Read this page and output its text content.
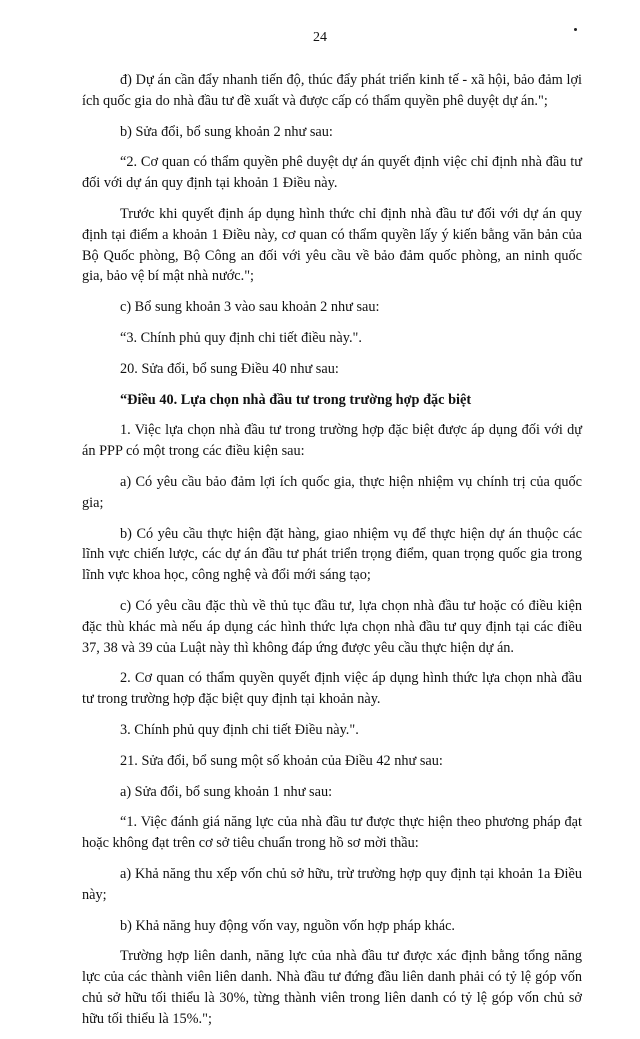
24

đ) Dự án cần đẩy nhanh tiến độ, thúc đẩy phát triển kinh tế - xã hội, bảo đảm lợi ích quốc gia do nhà đầu tư đề xuất và được cấp có thẩm quyền phê duyệt dự án.";

b) Sửa đổi, bổ sung khoản 2 như sau:

“2. Cơ quan có thẩm quyền phê duyệt dự án quyết định việc chỉ định nhà đầu tư đối với dự án quy định tại khoản 1 Điều này.

Trước khi quyết định áp dụng hình thức chỉ định nhà đầu tư đối với dự án quy định tại điểm a khoản 1 Điều này, cơ quan có thẩm quyền lấy ý kiến bằng văn bản của Bộ Quốc phòng, Bộ Công an đối với yêu cầu về bảo đảm quốc phòng, an ninh quốc gia, bảo vệ bí mật nhà nước.";

c) Bổ sung khoản 3 vào sau khoản 2 như sau:

“3. Chính phủ quy định chi tiết điều này.".

20. Sửa đổi, bổ sung Điều 40 như sau:

“Điều 40. Lựa chọn nhà đầu tư trong trường hợp đặc biệt

1. Việc lựa chọn nhà đầu tư trong trường hợp đặc biệt được áp dụng đối với dự án PPP có một trong các điều kiện sau:

a) Có yêu cầu bảo đảm lợi ích quốc gia, thực hiện nhiệm vụ chính trị của quốc gia;

b) Có yêu cầu thực hiện đặt hàng, giao nhiệm vụ để thực hiện dự án thuộc các lĩnh vực chiến lược, các dự án đầu tư phát triển trọng điểm, quan trọng quốc gia trong lĩnh vực khoa học, công nghệ và đổi mới sáng tạo;

c) Có yêu cầu đặc thù về thủ tục đầu tư, lựa chọn nhà đầu tư hoặc có điều kiện đặc thù khác mà nếu áp dụng các hình thức lựa chọn nhà đầu tư quy định tại các điều 37, 38 và 39 của Luật này thì không đáp ứng được yêu cầu thực hiện dự án.

2. Cơ quan có thẩm quyền quyết định việc áp dụng hình thức lựa chọn nhà đầu tư trong trường hợp đặc biệt quy định tại khoản này.

3. Chính phủ quy định chi tiết Điều này.".

21. Sửa đổi, bổ sung một số khoản của Điều 42 như sau:

a) Sửa đổi, bổ sung khoản 1 như sau:

“1. Việc đánh giá năng lực của nhà đầu tư được thực hiện theo phương pháp đạt hoặc không đạt trên cơ sở tiêu chuẩn trong hồ sơ mời thầu:

a) Khả năng thu xếp vốn chủ sở hữu, trừ trường hợp quy định tại khoản 1a Điều này;

b) Khả năng huy động vốn vay, nguồn vốn hợp pháp khác.

Trường hợp liên danh, năng lực của nhà đầu tư được xác định bằng tổng năng lực của các thành viên liên danh. Nhà đầu tư đứng đầu liên danh phải có tỷ lệ góp vốn chủ sở hữu tối thiểu là 30%, từng thành viên trong liên danh có tỷ lệ góp vốn chủ sở hữu tối thiểu là 15%.";
